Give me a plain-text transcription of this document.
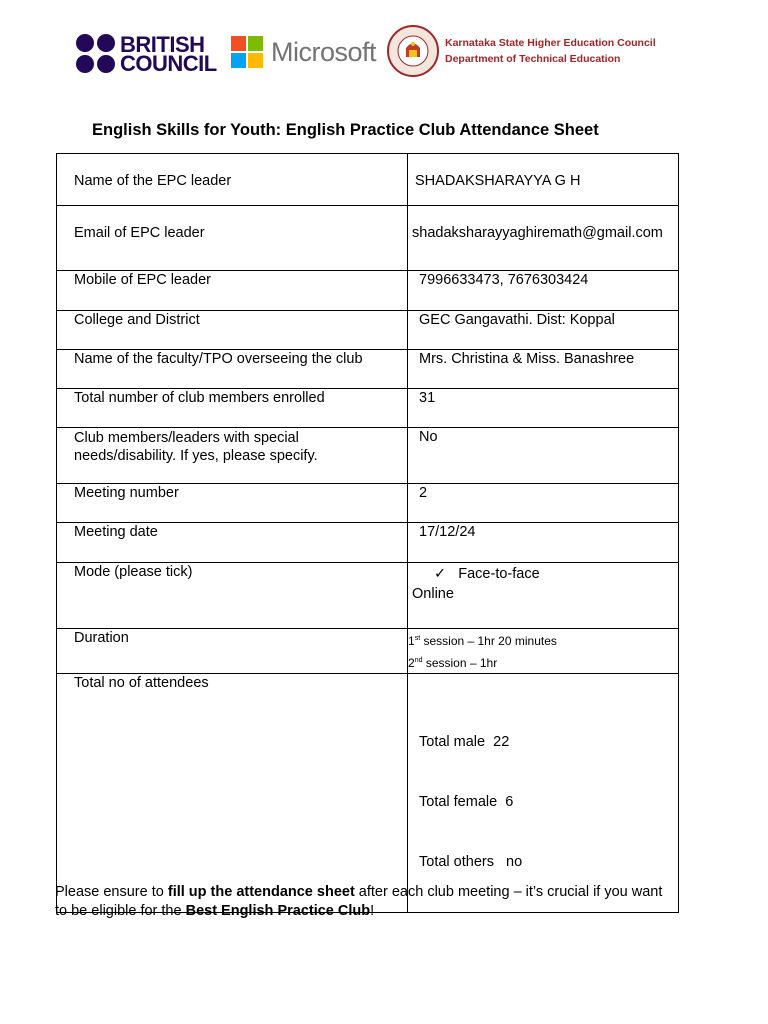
BRITISH
COUNCIL Microsoft	Karnataka State Higher Education Council
Department of Technical Education
English Skills for Youth: English Practice Club Attendance Sheet
Name of the EPC leader	SHADAKSHARAYYA G H
Email of EPC leader	shadaksharayyaghiremath@gmail.com
Mobile of EPC leader	7996633473, 7676303424
College and District	GEC Gangavathi. Dist: Koppal
Name of the faculty/TPO overseeing the club	Mrs. Christina & Miss. Banashree
Total number of club members enrolled	31
Club members/leaders with special needs/disability. If yes, please specify.	No
Meeting number	2
Meeting date	17/12/24
Mode (please tick)	✓ Face-to-face
Online

Duration	1st session – 1hr 20 minutes
2nd session – 1hr

Total no of attendees	Total male  22

Total female  6

Total others   no

Please ensure to fill up the attendance sheet after each club meeting – it’s crucial if you want to be eligible for the Best English Practice Club!
